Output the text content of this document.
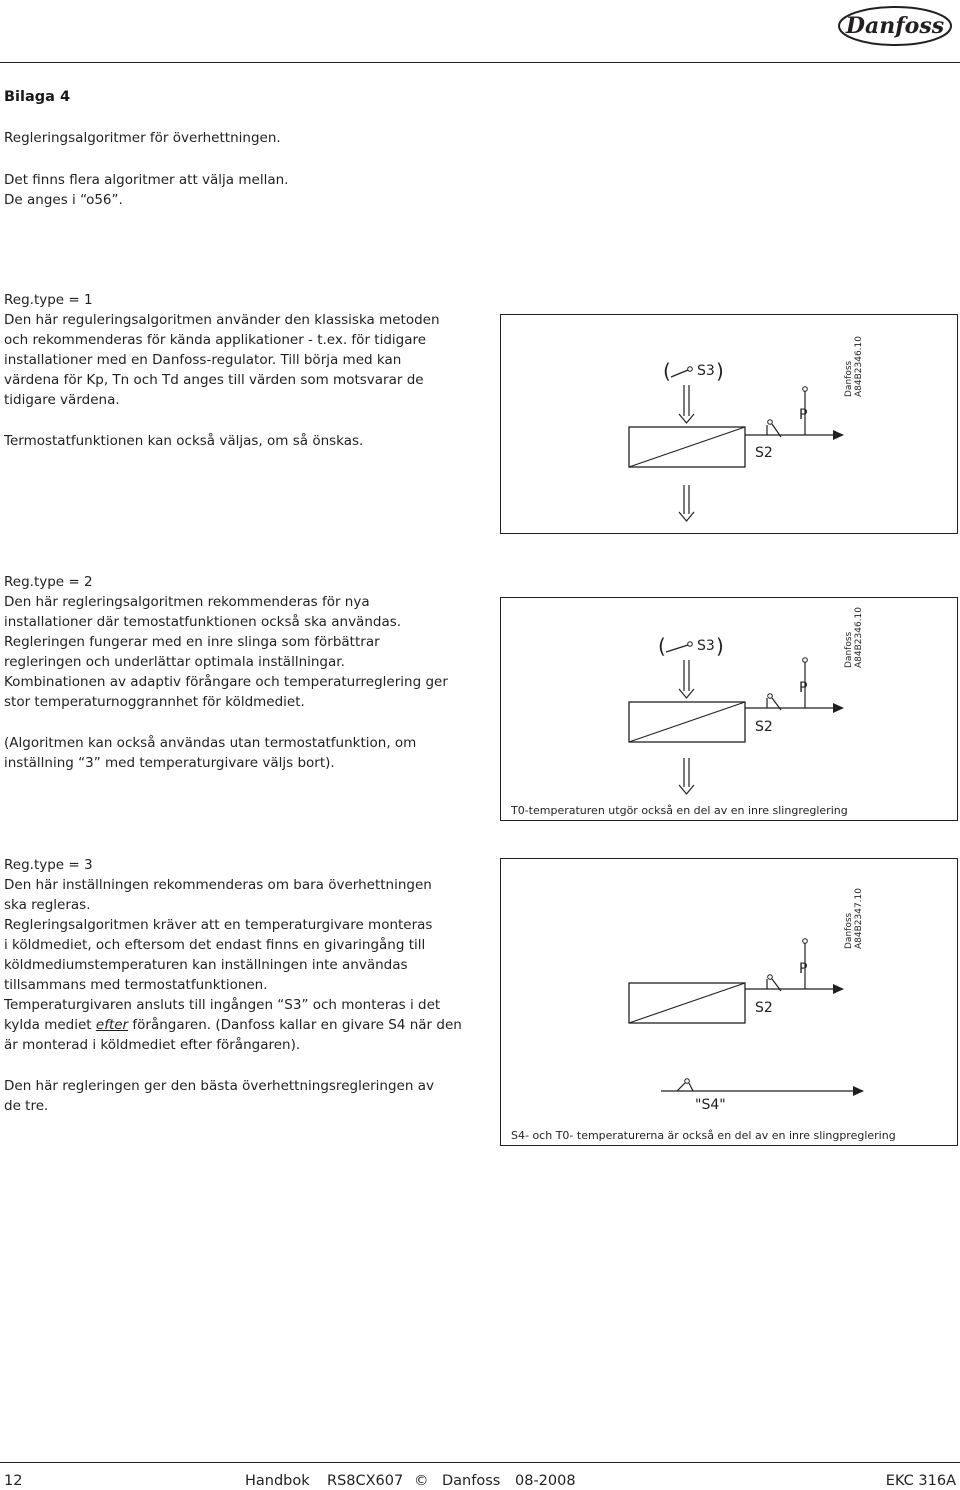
Danfoss
Bilaga 4
Regleringsalgoritmer för överhettningen.
Det finns flera algoritmer att välja mellan.
De anges i “o56”.
Reg.type = 1
Den här reguleringsalgoritmen använder den klassiska metoden
och rekommenderas för kända applikationer - t.ex. för tidigare
installationer med en Danfoss-regulator. Till börja med kan
värdena för Kp, Tn och Td anges till värden som motsvarar de
tidigare värdena.
Termostatfunktionen kan också väljas, om så önskas.
( S3 )
S2
P
DanfossA84B2346.10
Reg.type = 2
Den här regleringsalgoritmen rekommenderas för nya
installationer där temostatfunktionen också ska användas.
Regleringen fungerar med en inre slinga som förbättrar
regleringen och underlättar optimala inställningar.
Kombinationen av adaptiv förångare och temperaturreglering ger
stor temperaturnoggrannhet för köldmediet.
(Algoritmen kan också användas utan termostatfunktion, om
inställning “3” med temperaturgivare väljs bort).
( S3 )
S2
P
DanfossA84B2346.10
T0-temperaturen utgör också en del av en inre slingreglering
Reg.type = 3
Den här inställningen rekommenderas om bara överhettningen
ska regleras.
Regleringsalgoritmen kräver att en temperaturgivare monteras
i köldmediet, och eftersom det endast finns en givaringång till
köldmediumstemperaturen kan inställningen inte användas
tillsammans med termostatfunktionen.
Temperaturgivaren ansluts till ingången “S3” och monteras i det
kylda mediet efter förångaren. (Danfoss kallar en givare S4 när den
är monterad i köldmediet efter förångaren).
Den här regleringen ger den bästa överhettningsregleringen av
de tre.
S2
P
DanfossA84B2347.10
"S4"
S4- och T0- temperaturerna är också en del av en inre slingpreglering
12	Handbok RS8CX607 © Danfoss 08-2008	EKC 316A
